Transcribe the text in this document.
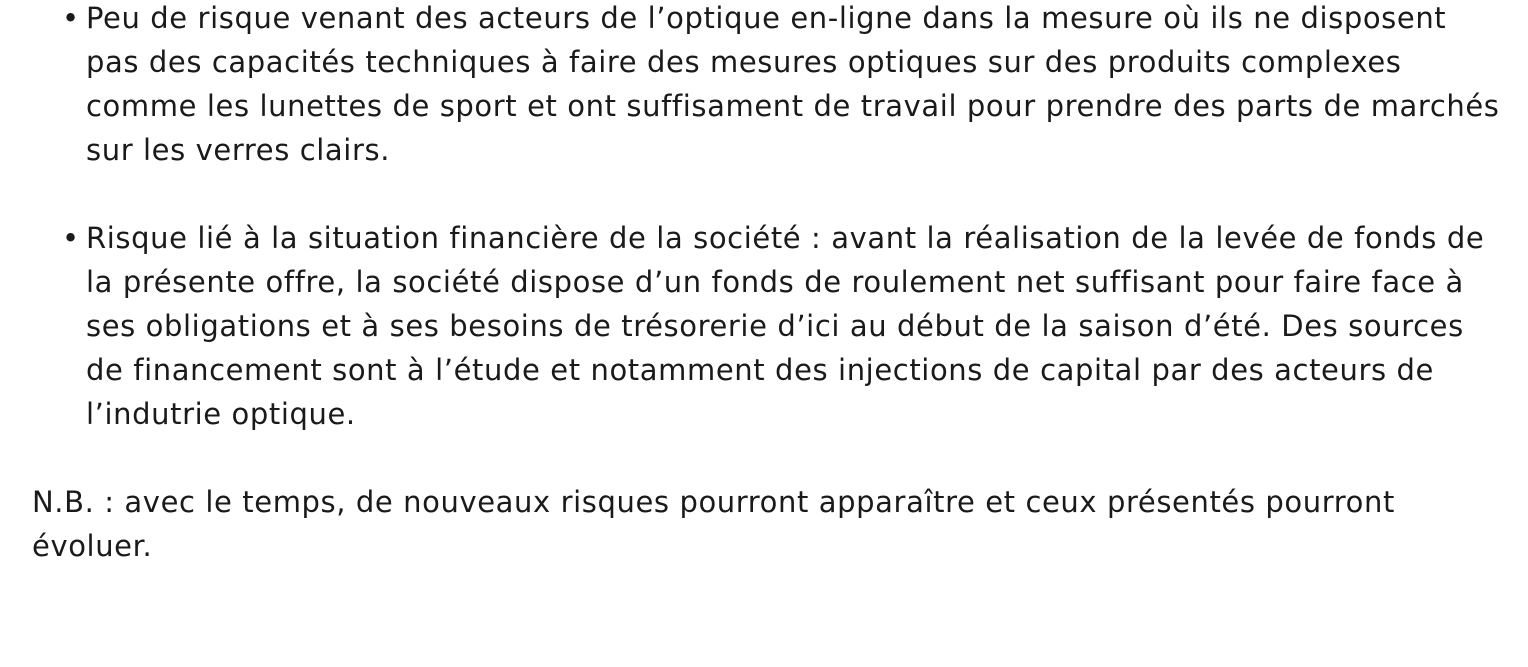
• Peu de risque venant des acteurs de l’optique en-ligne dans la mesure où ils ne disposent pas des capacités techniques à faire des mesures optiques sur des produits complexes comme les lunettes de sport et ont suffisament de travail pour prendre des parts de marchés sur les verres clairs.
• Risque lié à la situation financière de la société : avant la réalisation de la levée de fonds de la présente offre, la société dispose d’un fonds de roulement net suffisant pour faire face à ses obligations et à ses besoins de trésorerie d’ici au début de la saison d’été. Des sources de financement sont à l’étude et notamment des injections de capital par des acteurs de l’indutrie optique.

N.B. : avec le temps, de nouveaux risques pourront apparaître et ceux présentés pourront évoluer.
